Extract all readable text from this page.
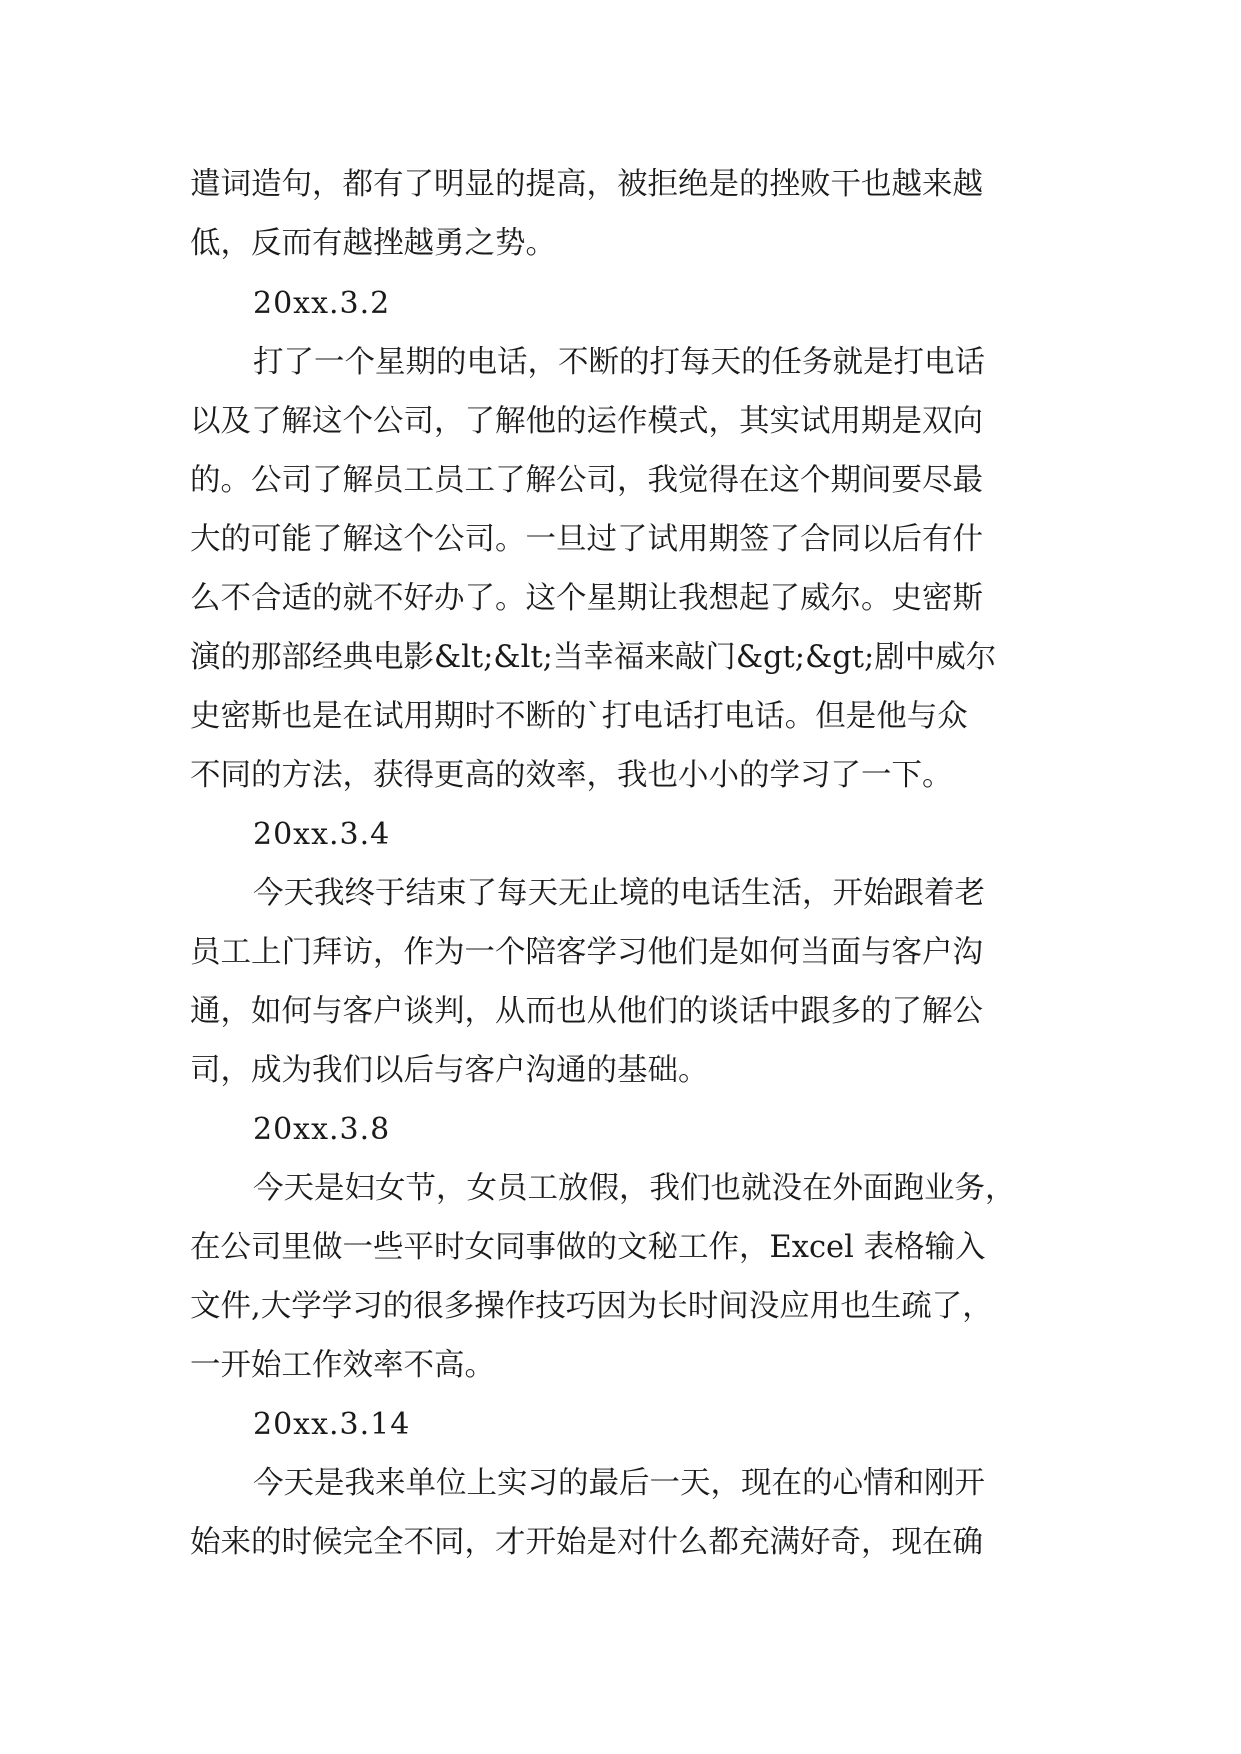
遣词造句，都有了明显的提高，被拒绝是的挫败干也越来越
低，反而有越挫越勇之势。
20xx.3.2
打了一个星期的电话，不断的打每天的任务就是打电话
以及了解这个公司，了解他的运作模式，其实试用期是双向
的。公司了解员工员工了解公司，我觉得在这个期间要尽最
大的可能了解这个公司。一旦过了试用期签了合同以后有什
么不合适的就不好办了。这个星期让我想起了威尔。史密斯
演的那部经典电影&lt;&lt;当幸福来敲门&gt;&gt;剧中威尔
史密斯也是在试用期时不断的`打电话打电话。但是他与众
不同的方法，获得更高的效率，我也小小的学习了一下。
20xx.3.4
今天我终于结束了每天无止境的电话生活，开始跟着老
员工上门拜访，作为一个陪客学习他们是如何当面与客户沟
通，如何与客户谈判，从而也从他们的谈话中跟多的了解公
司，成为我们以后与客户沟通的基础。
20xx.3.8
今天是妇女节，女员工放假，我们也就没在外面跑业务，
在公司里做一些平时女同事做的文秘工作，Excel 表格输入
文件,大学学习的很多操作技巧因为长时间没应用也生疏了，
一开始工作效率不高。
20xx.3.14
今天是我来单位上实习的最后一天，现在的心情和刚开
始来的时候完全不同，才开始是对什么都充满好奇，现在确
